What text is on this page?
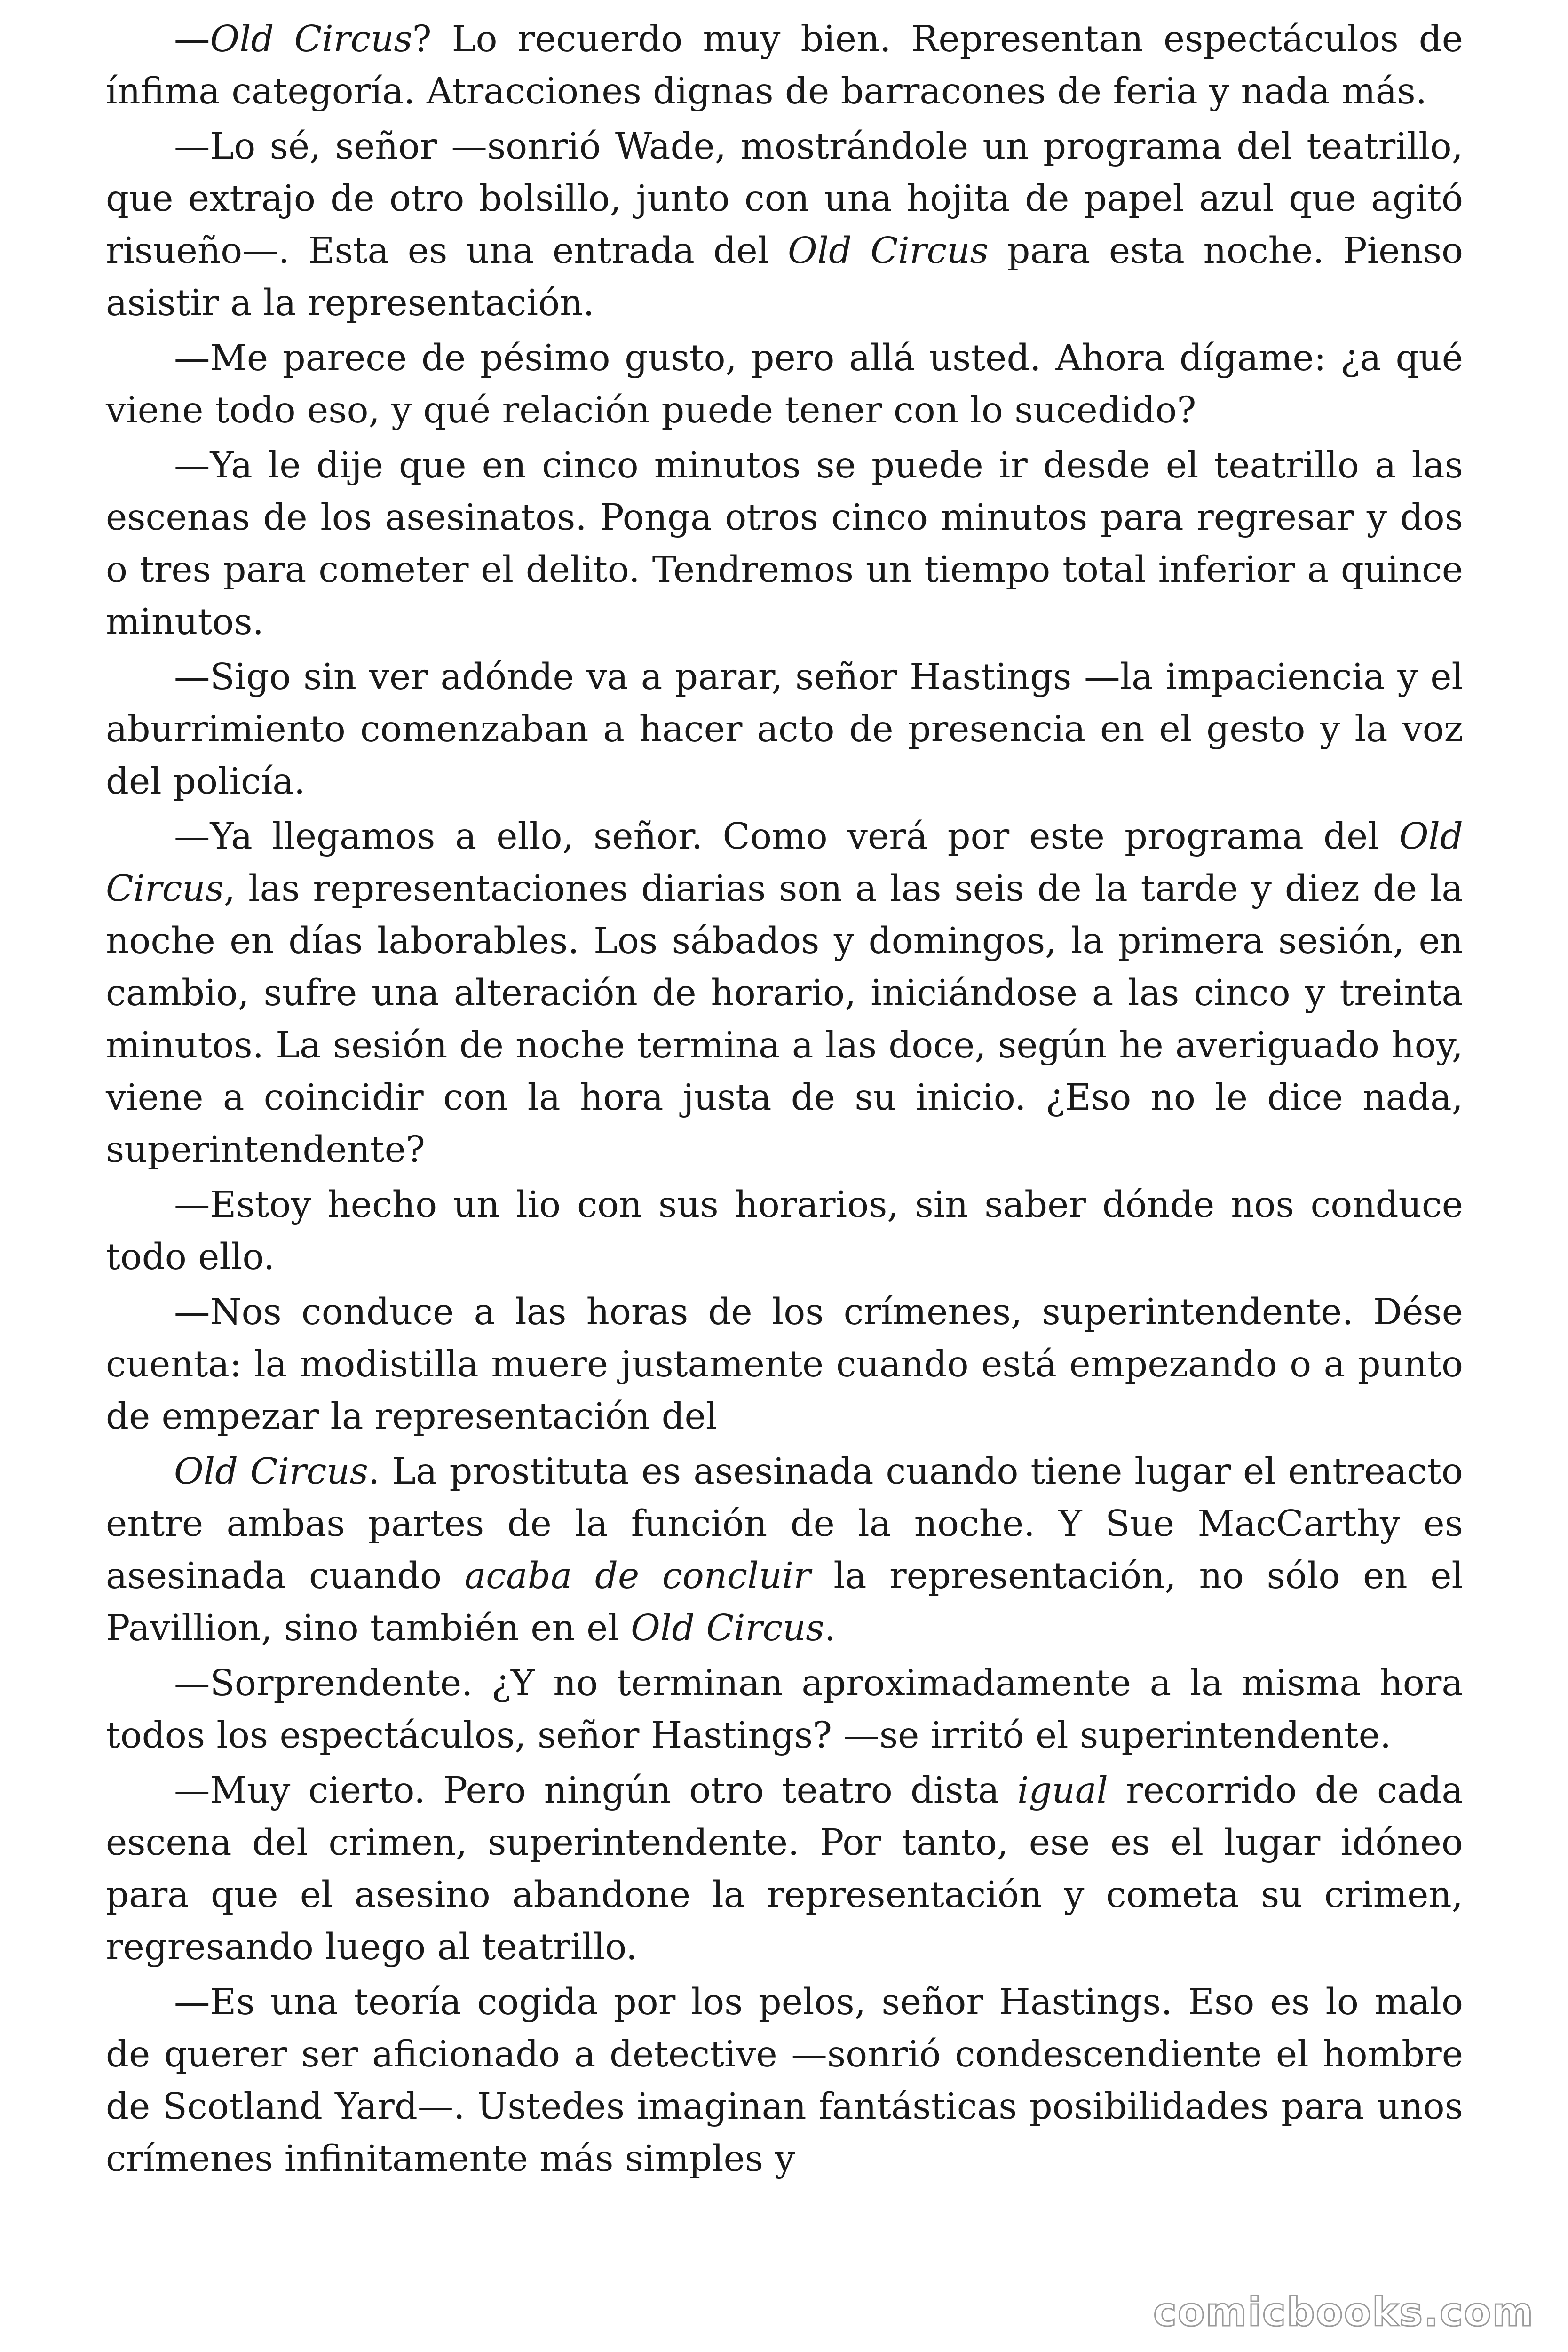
—Old Circus? Lo recuerdo muy bien. Representan espectáculos de ínfima categoría. Atracciones dignas de barracones de feria y nada más.

—Lo sé, señor —sonrió Wade, mostrándole un programa del teatrillo, que extrajo de otro bolsillo, junto con una hojita de papel azul que agitó risueño—. Esta es una entrada del Old Circus para esta noche. Pienso asistir a la representación.

—Me parece de pésimo gusto, pero allá usted. Ahora dígame: ¿a qué viene todo eso, y qué relación puede tener con lo sucedido?

—Ya le dije que en cinco minutos se puede ir desde el teatrillo a las escenas de los asesinatos. Ponga otros cinco minutos para regresar y dos o tres para cometer el delito. Tendremos un tiempo total inferior a quince minutos.

—Sigo sin ver adónde va a parar, señor Hastings —la impaciencia y el aburrimiento comenzaban a hacer acto de presencia en el gesto y la voz del policía.

—Ya llegamos a ello, señor. Como verá por este programa del Old Circus, las representaciones diarias son a las seis de la tarde y diez de la noche en días laborables. Los sábados y domingos, la primera sesión, en cambio, sufre una alteración de horario, iniciándose a las cinco y treinta minutos. La sesión de noche termina a las doce, según he averiguado hoy, viene a coincidir con la hora justa de su inicio. ¿Eso no le dice nada, superintendente?

—Estoy hecho un lio con sus horarios, sin saber dónde nos conduce todo ello.

—Nos conduce a las horas de los crímenes, superintendente. Dése cuenta: la modistilla muere justamente cuando está empezando o a punto de empezar la representación del

Old Circus. La prostituta es asesinada cuando tiene lugar el entreacto entre ambas partes de la función de la noche. Y Sue MacCarthy es asesinada cuando acaba de concluir la representación, no sólo en el Pavillion, sino también en el Old Circus.

—Sorprendente. ¿Y no terminan aproximadamente a la misma hora todos los espectáculos, señor Hastings? —se irritó el superintendente.

—Muy cierto. Pero ningún otro teatro dista igual recorrido de cada escena del crimen, superintendente. Por tanto, ese es el lugar idóneo para que el asesino abandone la representación y cometa su crimen, regresando luego al teatrillo.

—Es una teoría cogida por los pelos, señor Hastings. Eso es lo malo de querer ser aficionado a detective —sonrió condescendiente el hombre de Scotland Yard—. Ustedes imaginan fantásticas posibilidades para unos crímenes infinitamente más simples y

comicbooks.com
